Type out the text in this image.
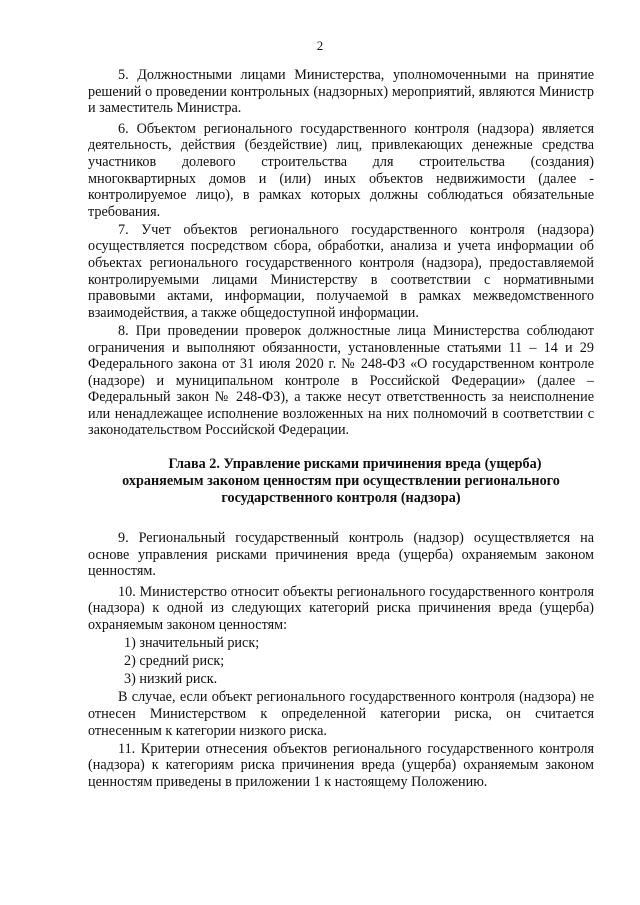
2

5. Должностными лицами Министерства, уполномоченными на принятие решений о проведении контрольных (надзорных) мероприятий, являются Министр и заместитель Министра.

6. Объектом регионального государственного контроля (надзора) является деятельность, действия (бездействие) лиц, привлекающих денежные средства участников долевого строительства для строительства (создания) многоквартирных домов и (или) иных объектов недвижимости (далее - контролируемое лицо), в рамках которых должны соблюдаться обязательные требования.

7. Учет объектов регионального государственного контроля (надзора) осуществляется посредством сбора, обработки, анализа и учета информации об объектах регионального государственного контроля (надзора), предоставляемой контролируемыми лицами Министерству в соответствии с нормативными правовыми актами, информации, получаемой в рамках межведомственного взаимодействия, а также общедоступной информации.

8. При проведении проверок должностные лица Министерства соблюдают ограничения и выполняют обязанности, установленные статьями 11 – 14 и 29 Федерального закона от 31 июля 2020 г. № 248-ФЗ «О государственном контроле (надзоре) и муниципальном контроле в Российской Федерации» (далее – Федеральный закон № 248-ФЗ), а также несут ответственность за неисполнение или ненадлежащее исполнение возложенных на них полномочий в соответствии с законодательством Российской Федерации.

Глава 2. Управление рисками причинения вреда (ущерба)
охраняемым законом ценностям при осуществлении регионального
государственного контроля (надзора)

9. Региональный государственный контроль (надзор) осуществляется на основе управления рисками причинения вреда (ущерба) охраняемым законом ценностям.

10. Министерство относит объекты регионального государственного контроля (надзора) к одной из следующих категорий риска причинения вреда (ущерба) охраняемым законом ценностям:

1) значительный риск;

2) средний риск;

3) низкий риск.

В случае, если объект регионального государственного контроля (надзора) не отнесен Министерством к определенной категории риска, он считается отнесенным к категории низкого риска.

11. Критерии отнесения объектов регионального государственного контроля (надзора) к категориям риска причинения вреда (ущерба) охраняемым законом ценностям приведены в приложении 1 к настоящему Положению.
